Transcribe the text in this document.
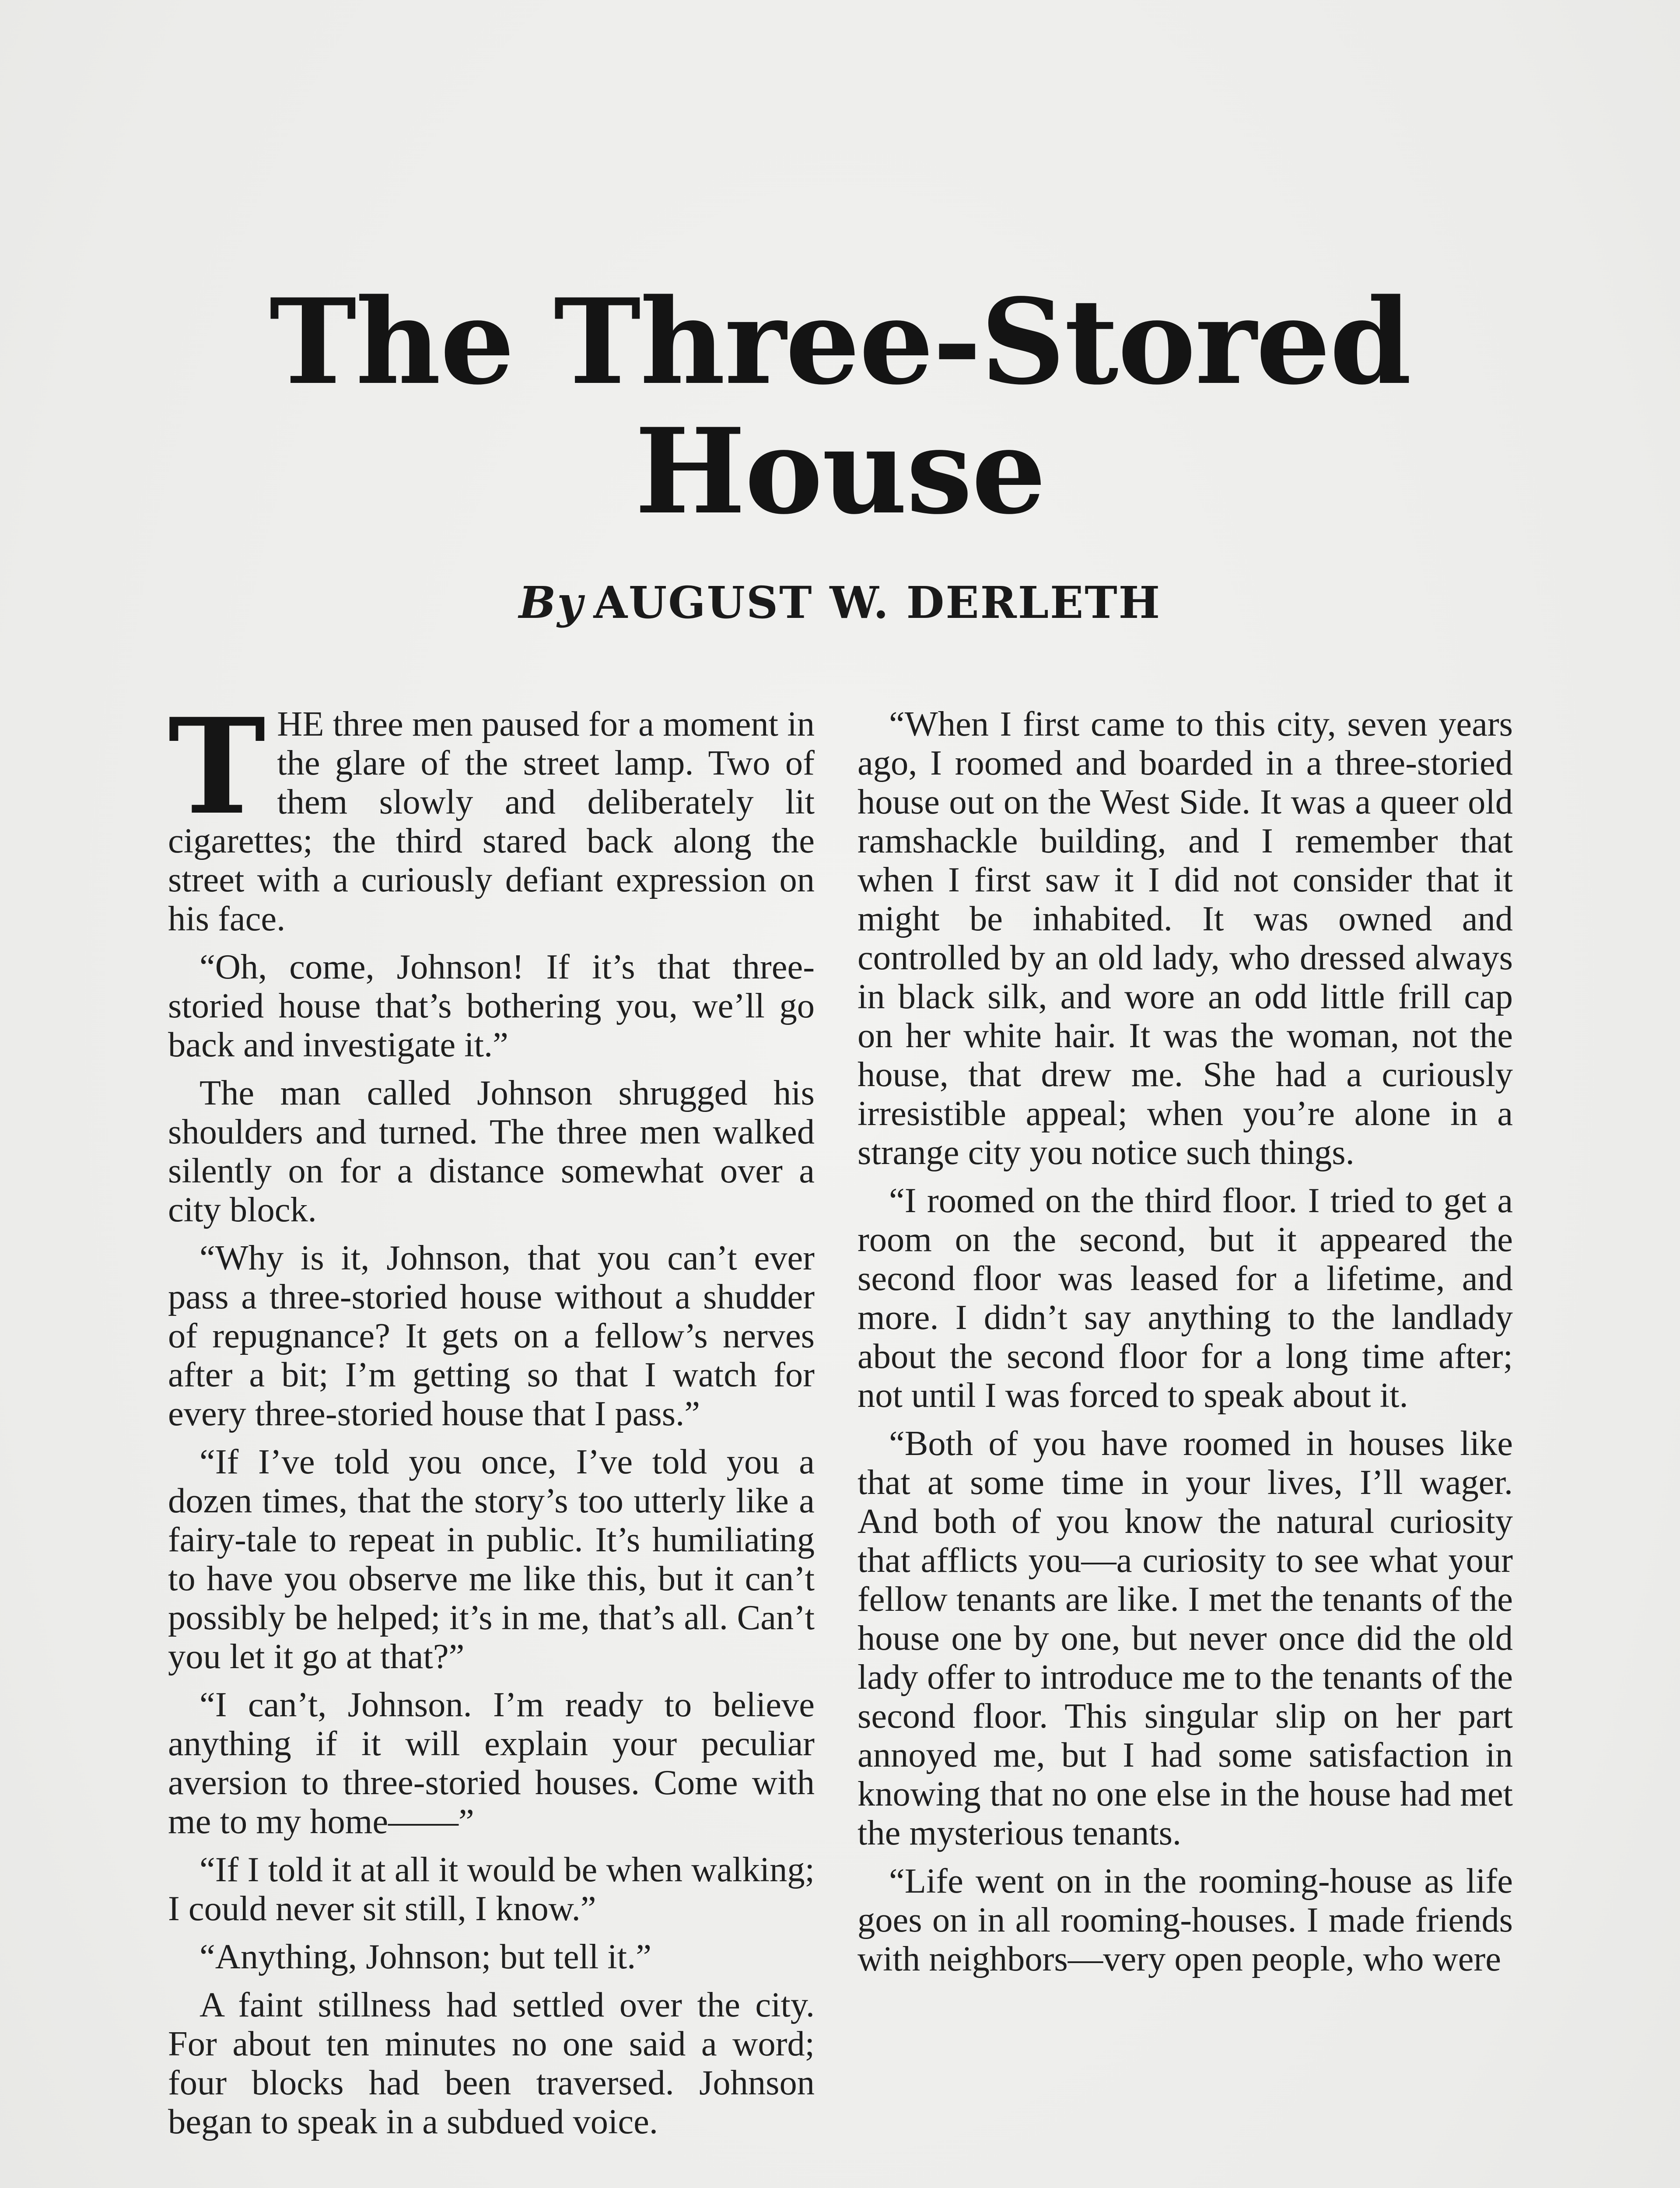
The Three-Stored
House
By AUGUST W. DERLETH

THE three men paused for a moment in the glare of the street lamp. Two of them slowly and deliberately lit cigarettes; the third stared back along the street with a curiously defiant expression on his face.

“Oh, come, Johnson! If it’s that three-storied house that’s bothering you, we’ll go back and investigate it.”

The man called Johnson shrugged his shoulders and turned. The three men walked silently on for a distance somewhat over a city block.

“Why is it, Johnson, that you can’t ever pass a three-storied house without a shudder of repugnance? It gets on a fellow’s nerves after a bit; I’m getting so that I watch for every three-storied house that I pass.”

“If I’ve told you once, I’ve told you a dozen times, that the story’s too utterly like a fairy-tale to repeat in public. It’s humiliating to have you observe me like this, but it can’t possibly be helped; it’s in me, that’s all. Can’t you let it go at that?”

“I can’t, Johnson. I’m ready to believe anything if it will explain your peculiar aversion to three-storied houses. Come with me to my home——”

“If I told it at all it would be when walking; I could never sit still, I know.”

“Anything, Johnson; but tell it.”

A faint stillness had settled over the city. For about ten minutes no one said a word; four blocks had been traversed. Johnson began to speak in a subdued voice.

“When I first came to this city, seven years ago, I roomed and boarded in a three-storied house out on the West Side. It was a queer old ramshackle building, and I remember that when I first saw it I did not consider that it might be inhabited. It was owned and controlled by an old lady, who dressed always in black silk, and wore an odd little frill cap on her white hair. It was the woman, not the house, that drew me. She had a curiously irresistible appeal; when you’re alone in a strange city you notice such things.

“I roomed on the third floor. I tried to get a room on the second, but it appeared the second floor was leased for a lifetime, and more. I didn’t say anything to the landlady about the second floor for a long time after; not until I was forced to speak about it.

“Both of you have roomed in houses like that at some time in your lives, I’ll wager. And both of you know the natural curiosity that afflicts you—a curiosity to see what your fellow tenants are like. I met the tenants of the house one by one, but never once did the old lady offer to introduce me to the tenants of the second floor. This singular slip on her part annoyed me, but I had some satisfaction in knowing that no one else in the house had met the mysterious tenants.

“Life went on in the rooming-house as life goes on in all rooming-houses. I made friends with neighbors—very open people, who were
